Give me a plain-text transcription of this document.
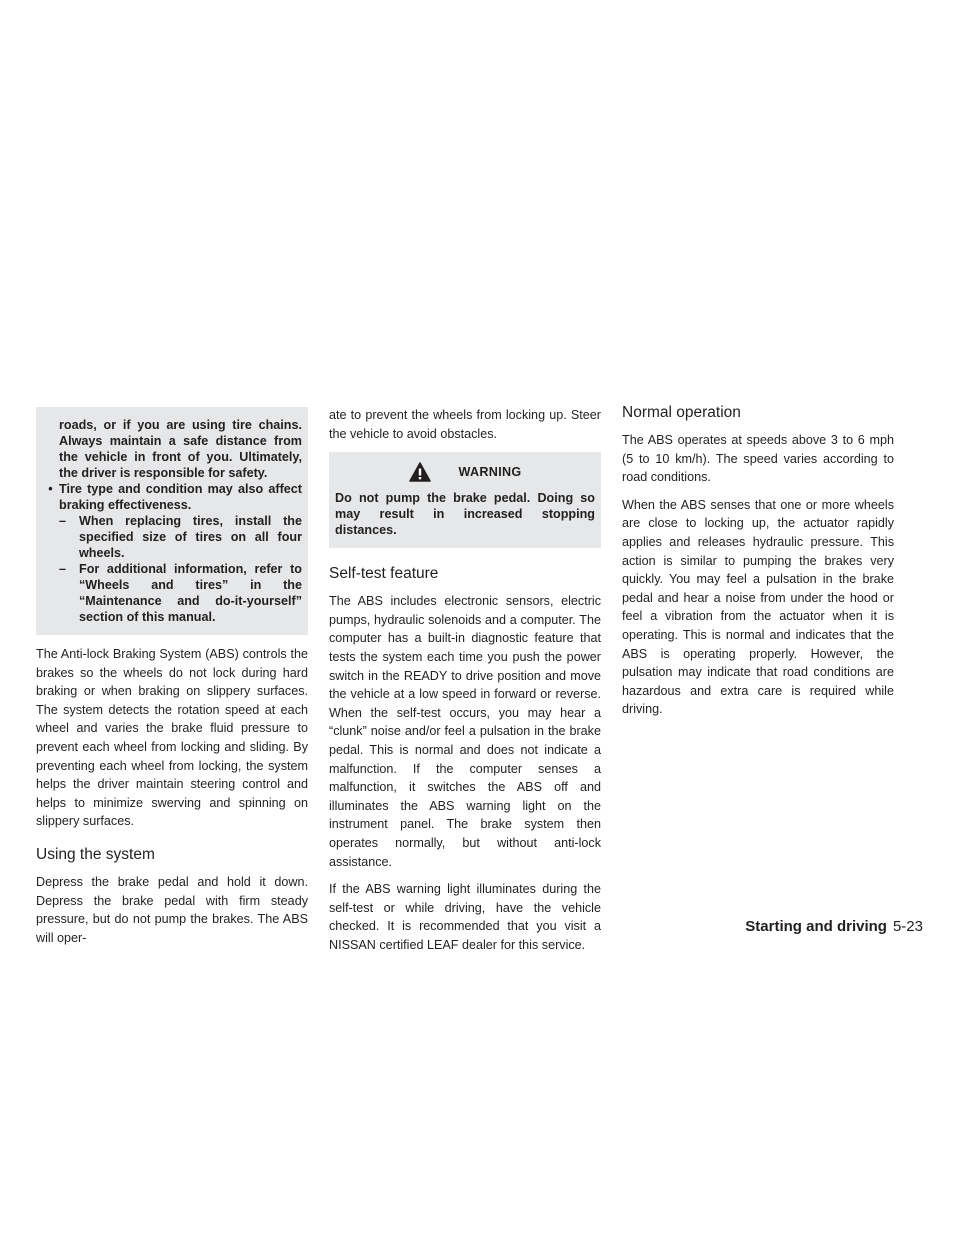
roads, or if you are using tire chains. Always maintain a safe distance from the vehicle in front of you. Ultimately, the driver is responsible for safety.

• Tire type and condition may also affect braking effectiveness.
–	When replacing tires, install the specified size of tires on all four wheels.
–	For additional information, refer to “Wheels and tires” in the “Maintenance and do-it-yourself” section of this manual.

The Anti-lock Braking System (ABS) controls the brakes so the wheels do not lock during hard braking or when braking on slippery surfaces. The system detects the rotation speed at each wheel and varies the brake fluid pressure to prevent each wheel from locking and sliding. By preventing each wheel from locking, the system helps the driver maintain steering control and helps to minimize swerving and spinning on slippery surfaces.

Using the system

Depress the brake pedal and hold it down. Depress the brake pedal with firm steady pressure, but do not pump the brakes. The ABS will oper-

ate to prevent the wheels from locking up. Steer the vehicle to avoid obstacles.

WARNING
Do not pump the brake pedal. Doing so may result in increased stopping distances.
Self-test feature

The ABS includes electronic sensors, electric pumps, hydraulic solenoids and a computer. The computer has a built-in diagnostic feature that tests the system each time you push the power switch in the READY to drive position and move the vehicle at a low speed in forward or reverse. When the self-test occurs, you may hear a “clunk” noise and/or feel a pulsation in the brake pedal. This is normal and does not indicate a malfunction. If the computer senses a malfunction, it switches the ABS off and illuminates the ABS warning light on the instrument panel. The brake system then operates normally, but without anti-lock assistance.

If the ABS warning light illuminates during the self-test or while driving, have the vehicle checked. It is recommended that you visit a NISSAN certified LEAF dealer for this service.

Normal operation

The ABS operates at speeds above 3 to 6 mph (5 to 10 km/h). The speed varies according to road conditions.

When the ABS senses that one or more wheels are close to locking up, the actuator rapidly applies and releases hydraulic pressure. This action is similar to pumping the brakes very quickly. You may feel a pulsation in the brake pedal and hear a noise from under the hood or feel a vibration from the actuator when it is operating. This is normal and indicates that the ABS is operating properly. However, the pulsation may indicate that road conditions are hazardous and extra care is required while driving.

Starting and driving 5-23
